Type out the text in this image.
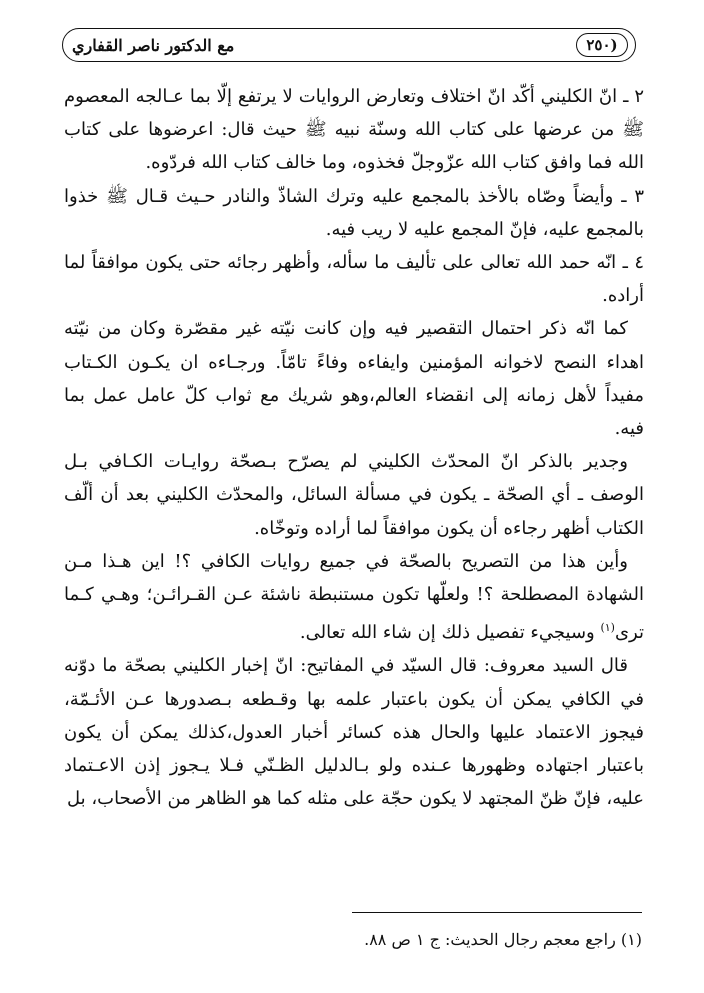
مع الدكتور ناصر القفاري	(٢٥٠

٢ ـ انّ الكليني أكّد انّ اختلاف وتعارض الروايات لا يرتفع إلّا بما عـالجه المعصوم ﷺ من عرضها على كتاب الله وسنّة نبيه ﷺ حيث قال: اعرضوها على كتاب الله فما وافق كتاب الله عزّوجلّ فخذوه، وما خالف كتاب الله فردّوه.

٣ ـ وأيضاً وصّاه بالأخذ بالمجمع عليه وترك الشاذّ والنادر حـيث قـال ﷺ خذوا بالمجمع عليه، فإنّ المجمع عليه لا ريب فيه.

٤ ـ انّه حمد الله تعالى على تأليف ما سأله، وأظهر رجائه حتى يكون موافقاً لما أراده.

كما انّه ذكر احتمال التقصير فيه وإن كانت نيّته غير مقصّرة وكان من نيّته اهداء النصح لاخوانه المؤمنين وايفاءه وفاءً تامّاً. ورجـاءه ان يكـون الكـتاب مفيداً لأهل زمانه إلى انقضاء العالم،وهو شريك مع ثواب كلّ عامل عمل بما فيه.

وجدير بالذكر انّ المحدّث الكليني لم يصرّح بـصحّة روايـات الكـافي بـل الوصف ـ أي الصحّة ـ يكون في مسألة السائل، والمحدّث الكليني بعد أن ألّف الكتاب أظهر رجاءه أن يكون موافقاً لما أراده وتوخّاه.

وأين هذا من التصريح بالصحّة في جميع روايات الكافي ؟! اين هـذا مـن الشهادة المصطلحة ؟! ولعلّها تكون مستنبطة ناشئة عـن القـرائـن؛ وهـي كـما ترى$^{(١)}$ وسيجيء تفصيل ذلك إن شاء الله تعالى.

قال السيد معروف: قال السيّد في المفاتيح: انّ إخبار الكليني بصحّة ما دوّنه في الكافي يمكن أن يكون باعتبار علمه بها وقـطعه بـصدورها عـن الأئـمّة، فيجوز الاعتماد عليها والحال هذه كسائر أخبار العدول،كذلك يمكن أن يكون باعتبار اجتهاده وظهورها عـنده ولو بـالدليل الظـنّي فـلا يـجوز إذن الاعـتماد عليه، فإنّ ظنّ المجتهد لا يكون حجّة على مثله كما هو الظاهر من الأصحاب، بل

(١) راجع معجم رجال الحديث: ج ١ ص ٨٨.
